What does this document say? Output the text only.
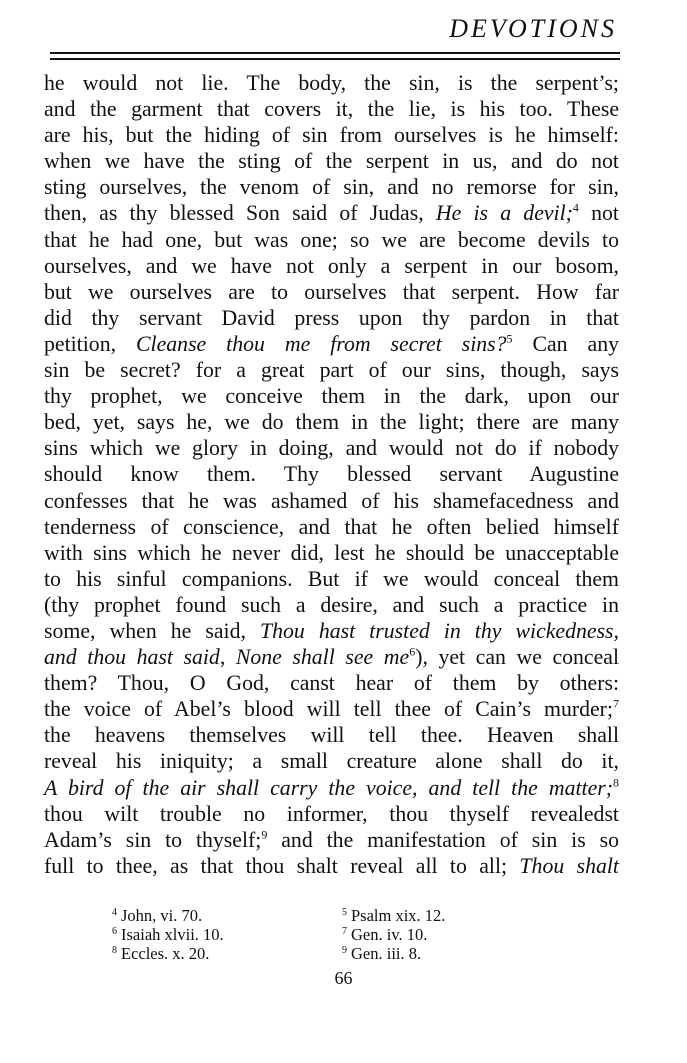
DEVOTIONS
he would not lie. The body, the sin, is the serpent’s;
and the garment that covers it, the lie, is his too. These
are his, but the hiding of sin from ourselves is he himself:
when we have the sting of the serpent in us, and do not
sting ourselves, the venom of sin, and no remorse for sin,
then, as thy blessed Son said of Judas, He is a devil;$^4$ not
that he had one, but was one; so we are become devils to
ourselves, and we have not only a serpent in our bosom,
but we ourselves are to ourselves that serpent. How far
did thy servant David press upon thy pardon in that
petition, Cleanse thou me from secret sins?$^5$ Can any
sin be secret? for a great part of our sins, though, says
thy prophet, we conceive them in the dark, upon our
bed, yet, says he, we do them in the light; there are many
sins which we glory in doing, and would not do if nobody
should know them. Thy blessed servant Augustine
confesses that he was ashamed of his shamefacedness and
tenderness of conscience, and that he often belied himself
with sins which he never did, lest he should be unacceptable
to his sinful companions. But if we would conceal them
(thy prophet found such a desire, and such a practice in
some, when he said, Thou hast trusted in thy wickedness,
and thou hast said, None shall see $me^6$), yet can we conceal
them? Thou, O God, canst hear of them by others:
the voice of Abel’s blood will tell thee of Cain’s murder;$^7$
the heavens themselves will tell thee. Heaven shall
reveal his iniquity; a small creature alone shall do it,
A bird of the air shall carry the voice, and tell the matter;$^8$
thou wilt trouble no informer, thou thyself revealedst
Adam’s sin to thyself;$^9$ and the manifestation of sin is so
full to thee, as that thou shalt reveal all to all; Thou shalt
$^4$ John, vi. 70.	$^5$ Psalm xix. 12.
$^6$ Isaiah xlvii. 10.	$^7$ Gen. iv. 10.
$^8$ Eccles. x. 20.	$^9$ Gen. iii. 8.
66
